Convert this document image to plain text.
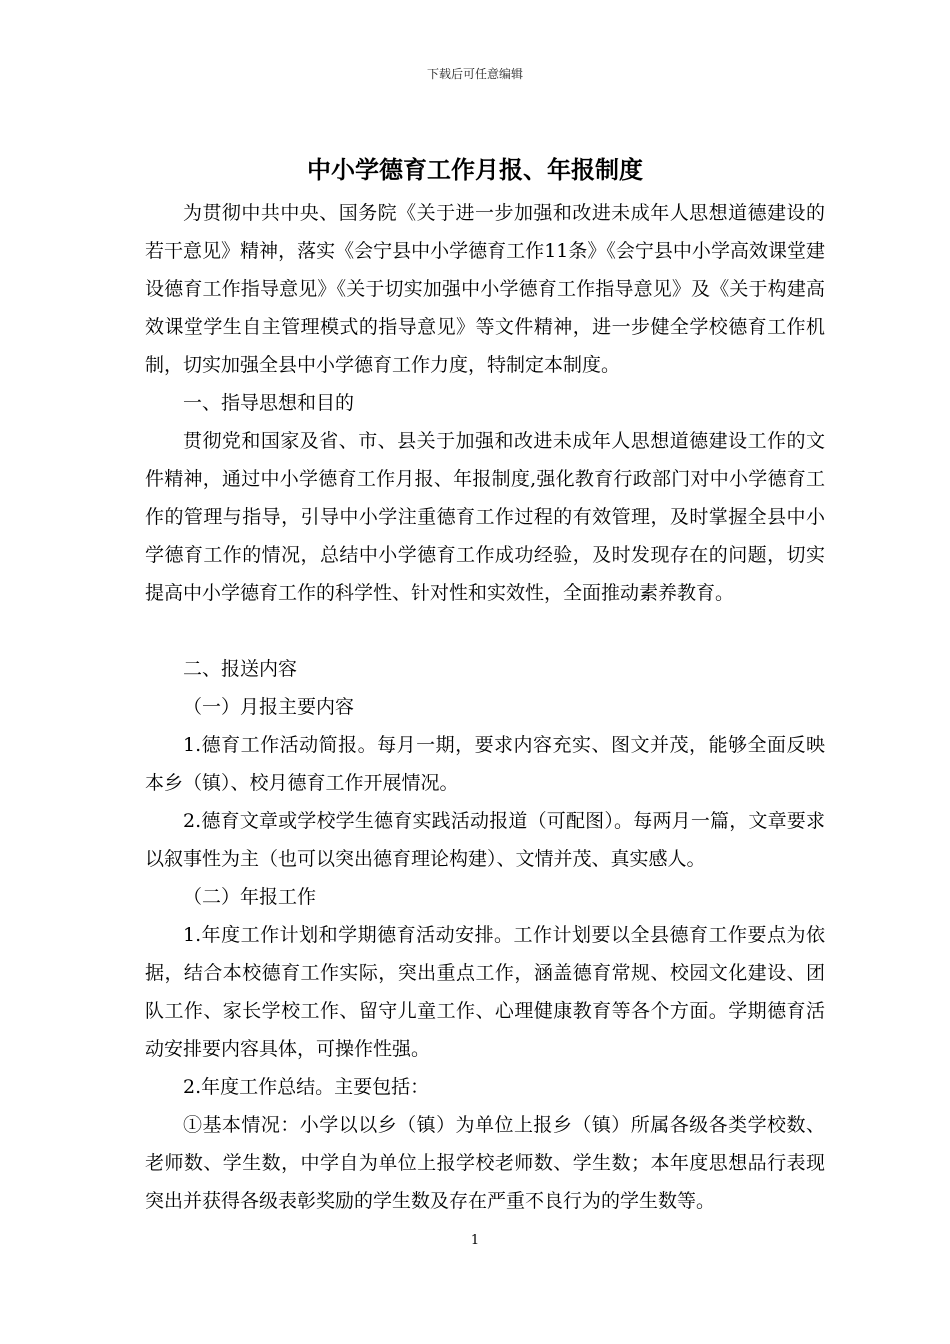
下载后可任意编辑
中小学德育工作月报、年报制度

为贯彻中共中央、国务院《关于进一步加强和改进未成年人思想道德建设的若干意见》精神，落实《会宁县中小学德育工作11条》《会宁县中小学高效课堂建设德育工作指导意见》《关于切实加强中小学德育工作指导意见》及《关于构建高效课堂学生自主管理模式的指导意见》等文件精神，进一步健全学校德育工作机制，切实加强全县中小学德育工作力度，特制定本制度。

一、指导思想和目的

贯彻党和国家及省、市、县关于加强和改进未成年人思想道德建设工作的文件精神，通过中小学德育工作月报、年报制度,强化教育行政部门对中小学德育工作的管理与指导，引导中小学注重德育工作过程的有效管理，及时掌握全县中小学德育工作的情况，总结中小学德育工作成功经验，及时发现存在的问题，切实提高中小学德育工作的科学性、针对性和实效性，全面推动素养教育。

二、报送内容

（一）月报主要内容

1.德育工作活动简报。每月一期，要求内容充实、图文并茂，能够全面反映本乡（镇）、校月德育工作开展情况。

2.德育文章或学校学生德育实践活动报道（可配图）。每两月一篇，文章要求以叙事性为主（也可以突出德育理论构建）、文情并茂、真实感人。

（二）年报工作

1.年度工作计划和学期德育活动安排。工作计划要以全县德育工作要点为依据，结合本校德育工作实际，突出重点工作，涵盖德育常规、校园文化建设、团队工作、家长学校工作、留守儿童工作、心理健康教育等各个方面。学期德育活动安排要内容具体，可操作性强。

2.年度工作总结。主要包括：

①基本情况：小学以以乡（镇）为单位上报乡（镇）所属各级各类学校数、老师数、学生数，中学自为单位上报学校老师数、学生数；本年度思想品行表现突出并获得各级表彰奖励的学生数及存在严重不良行为的学生数等。

1
